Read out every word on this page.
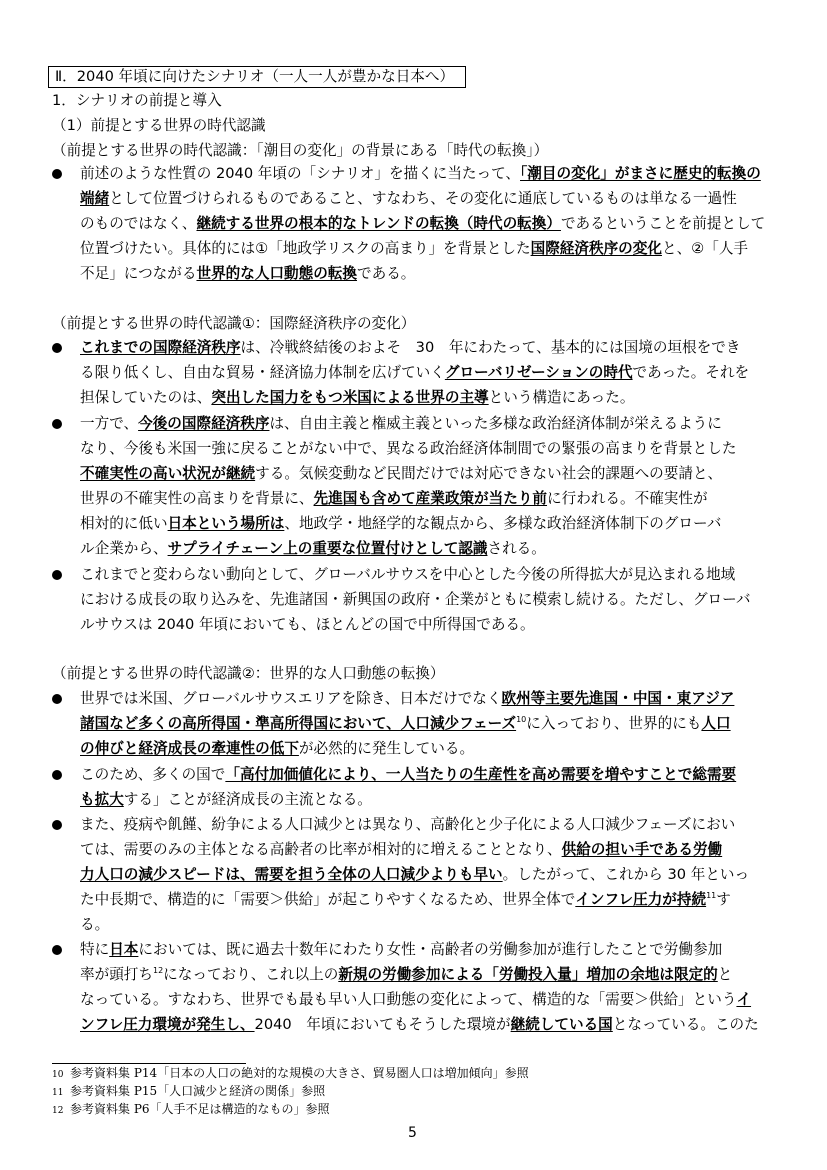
Ⅱ．2040 年頃に向けたシナリオ（一人一人が豊かな日本へ）
1．シナリオの前提と導入
（1）前提とする世界の時代認識
（前提とする世界の時代認識：「潮目の変化」の背景にある「時代の転換」）
前述のような性質の 2040 年頃の「シナリオ」を描くに当たって、「潮目の変化」がまさに歴史的転換の
端緒として位置づけられるものであること、すなわち、その変化に通底しているものは単なる一過性
のものではなく、継続する世界の根本的なトレンドの転換（時代の転換）であるということを前提として
位置づけたい。具体的には①「地政学リスクの高まり」を背景とした国際経済秩序の変化と、②「人手
不足」につながる世界的な人口動態の転換である。
（前提とする世界の時代認識①：国際経済秩序の変化）
これまでの国際経済秩序は、冷戦終結後のおよそ　30　年にわたって、基本的には国境の垣根をでき
る限り低くし、自由な貿易・経済協力体制を広げていくグローバリゼーションの時代であった。それを
担保していたのは、突出した国力をもつ米国による世界の主導という構造にあった。
一方で、今後の国際経済秩序は、自由主義と権威主義といった多様な政治経済体制が栄えるように
なり、今後も米国一強に戻ることがない中で、異なる政治経済体制間での緊張の高まりを背景とした
不確実性の高い状況が継続する。気候変動など民間だけでは対応できない社会的課題への要請と、
世界の不確実性の高まりを背景に、先進国も含めて産業政策が当たり前に行われる。不確実性が
相対的に低い日本という場所は、地政学・地経学的な観点から、多様な政治経済体制下のグローバ
ル企業から、サプライチェーン上の重要な位置付けとして認識される。
これまでと変わらない動向として、グローバルサウスを中心とした今後の所得拡大が見込まれる地域
における成長の取り込みを、先進諸国・新興国の政府・企業がともに模索し続ける。ただし、グローバ
ルサウスは 2040 年頃においても、ほとんどの国で中所得国である。
（前提とする世界の時代認識②：世界的な人口動態の転換）
世界では米国、グローバルサウスエリアを除き、日本だけでなく欧州等主要先進国・中国・東アジア
諸国など多くの高所得国・準高所得国において、人口減少フェーズ$^{10}$に入っており、世界的にも人口
の伸びと経済成長の牽連性の低下が必然的に発生している。
このため、多くの国で「高付加価値化により、一人当たりの生産性を高め需要を増やすことで総需要
も拡大する」ことが経済成長の主流となる。
また、疫病や飢饉、紛争による人口減少とは異なり、高齢化と少子化による人口減少フェーズにおい
ては、需要のみの主体となる高齢者の比率が相対的に増えることとなり、供給の担い手である労働
力人口の減少スピードは、需要を担う全体の人口減少よりも早い。したがって、これから 30 年といっ
た中長期で、構造的に「需要＞供給」が起こりやすくなるため、世界全体でインフレ圧力が持続$^{11}$す
る。
特に日本においては、既に過去十数年にわたり女性・高齢者の労働参加が進行したことで労働参加
率が頭打ち$^{12}$になっており、これ以上の新規の労働参加による「労働投入量」増加の余地は限定的と
なっている。すなわち、世界でも最も早い人口動態の変化によって、構造的な「需要＞供給」というイ
ンフレ圧力環境が発生し、2040　年頃においてもそうした環境が継続している国となっている。このた
10 参考資料集 P14「日本の人口の絶対的な規模の大きさ、貿易圏人口は増加傾向」参照
11 参考資料集 P15「人口減少と経済の関係」参照
12 参考資料集 P6「人手不足は構造的なもの」参照
5
